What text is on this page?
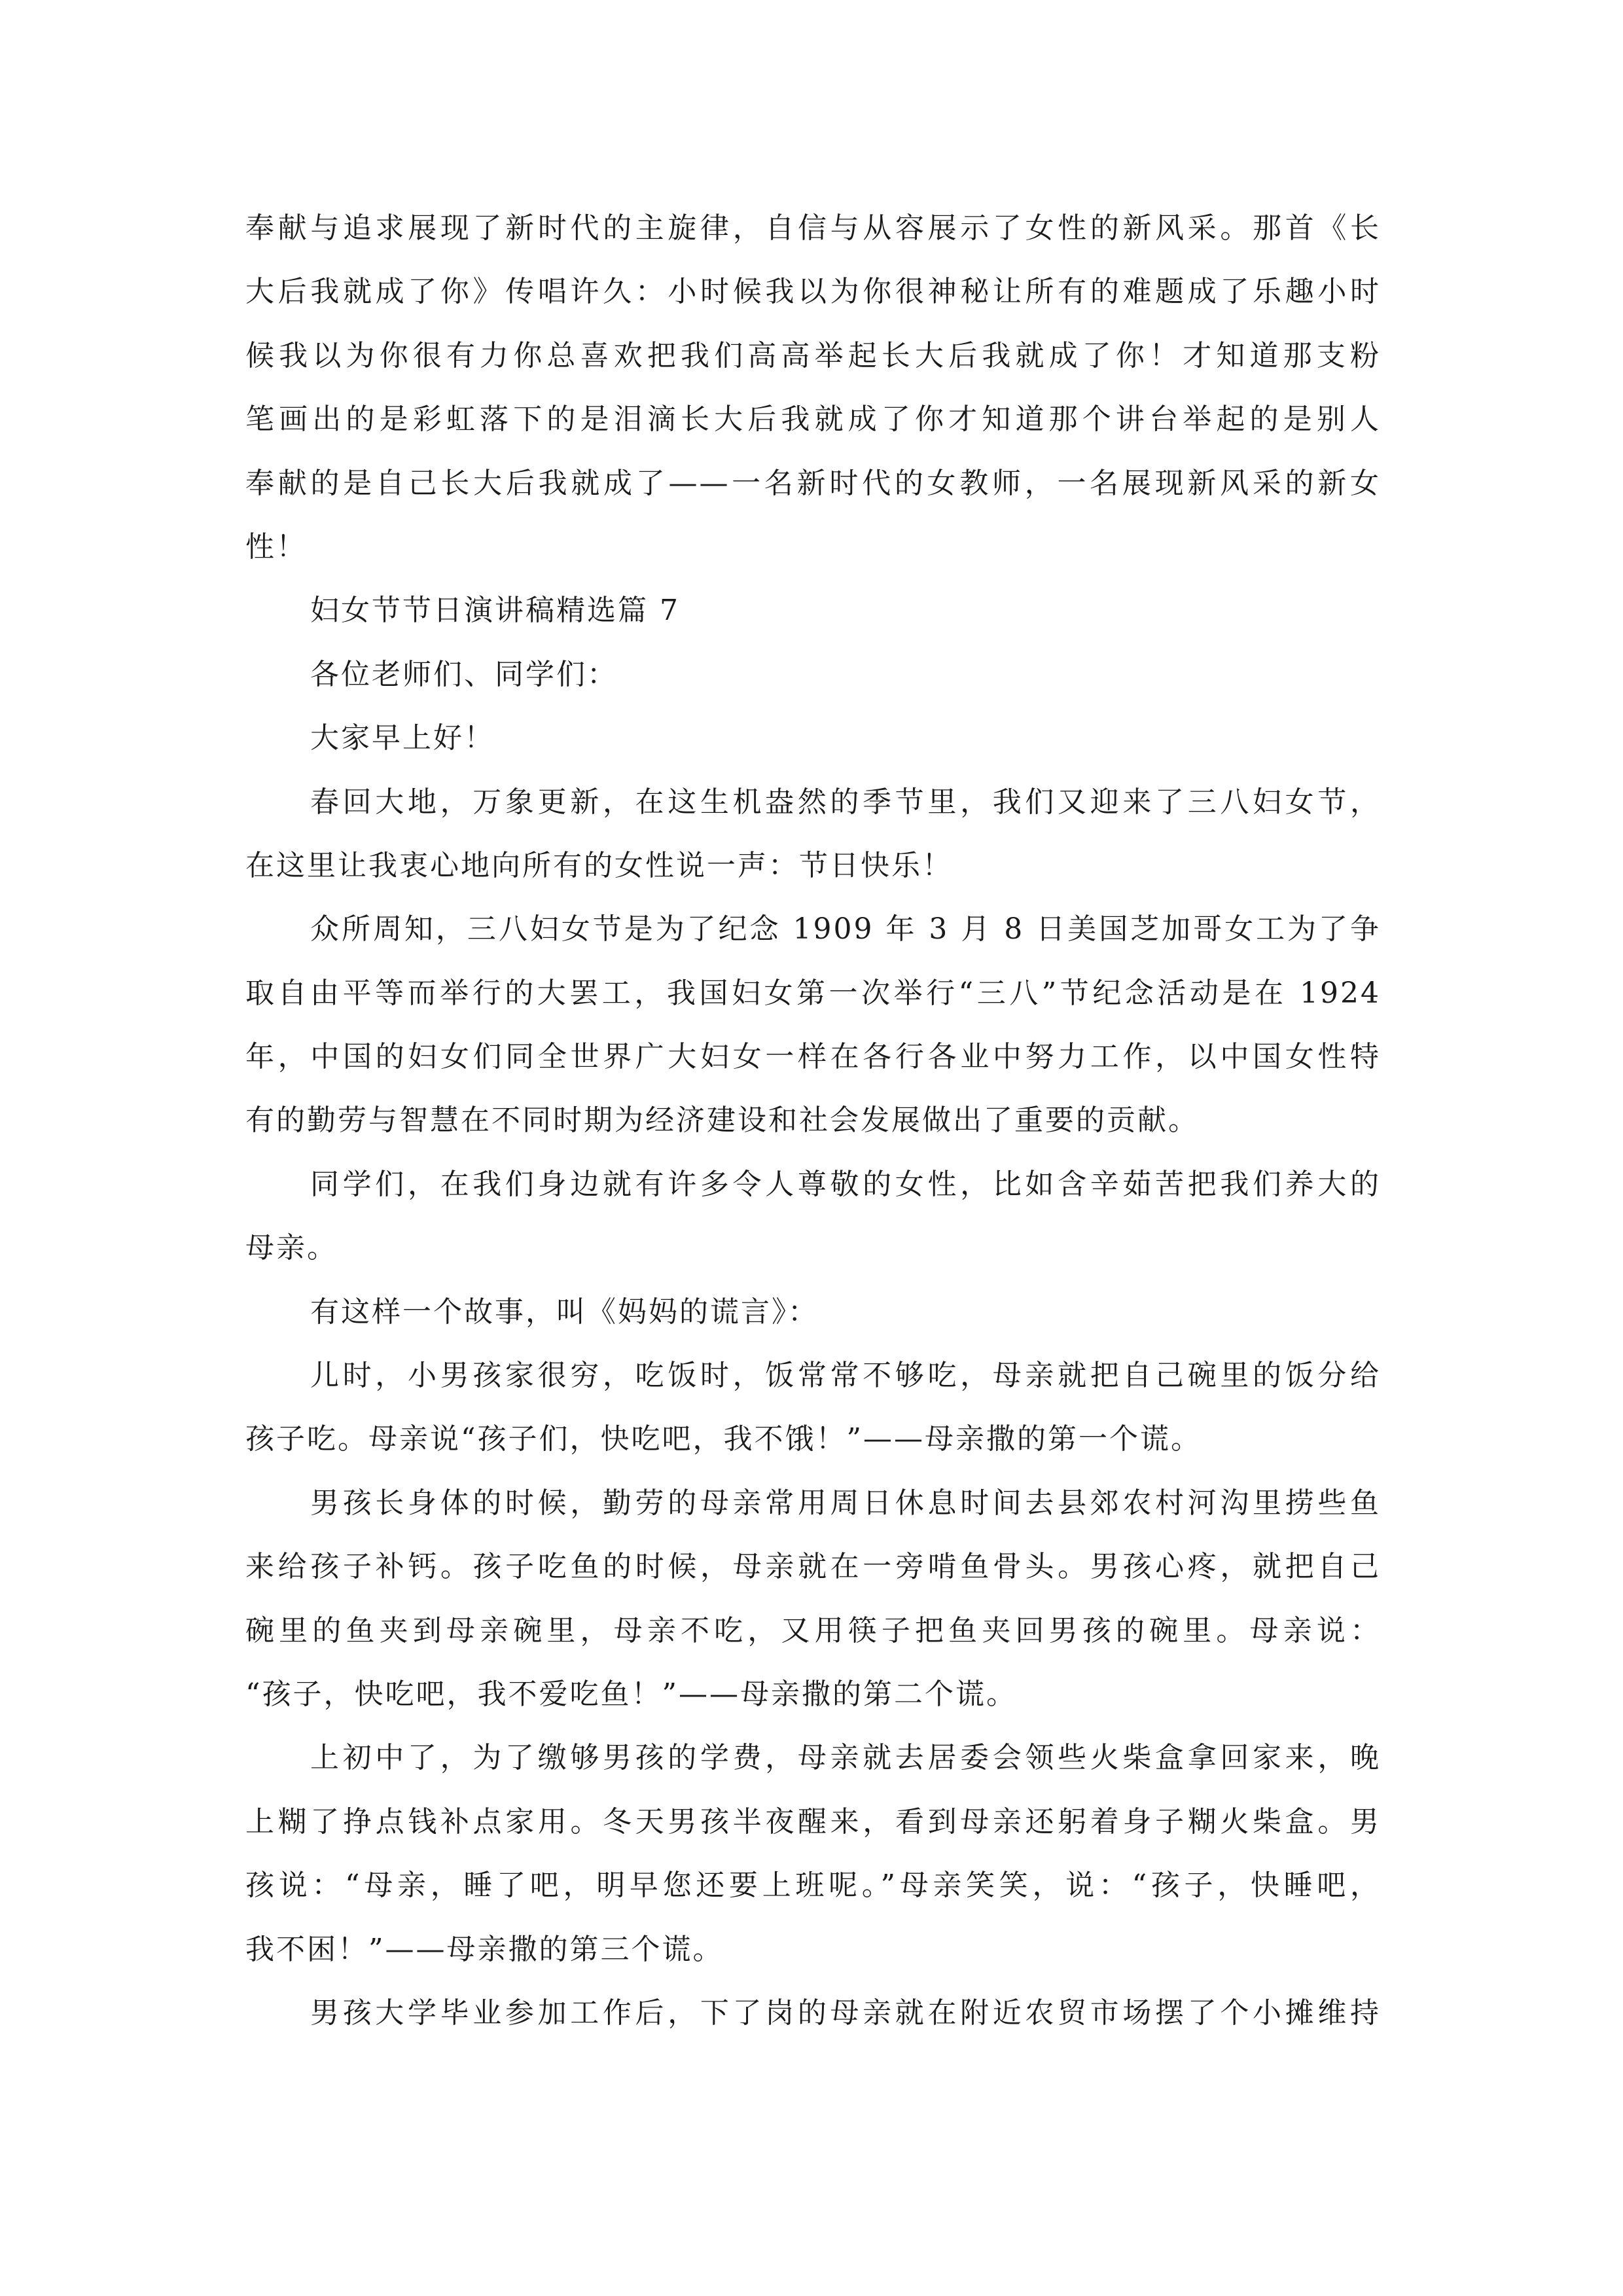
奉献与追求展现了新时代的主旋律，自信与从容展示了女性的新风采。那首《长
大后我就成了你》传唱许久：小时候我以为你很神秘让所有的难题成了乐趣小时
候我以为你很有力你总喜欢把我们高高举起长大后我就成了你！才知道那支粉
笔画出的是彩虹落下的是泪滴长大后我就成了你才知道那个讲台举起的是别人
奉献的是自己长大后我就成了——一名新时代的女教师，一名展现新风采的新女
性！
妇女节节日演讲稿精选篇 7
各位老师们、同学们：
大家早上好！
春回大地，万象更新，在这生机盎然的季节里，我们又迎来了三八妇女节，
在这里让我衷心地向所有的女性说一声：节日快乐！
众所周知，三八妇女节是为了纪念 1909 年 3 月 8 日美国芝加哥女工为了争
取自由平等而举行的大罢工，我国妇女第一次举行“三八”节纪念活动是在 1924
年，中国的妇女们同全世界广大妇女一样在各行各业中努力工作，以中国女性特
有的勤劳与智慧在不同时期为经济建设和社会发展做出了重要的贡献。
同学们，在我们身边就有许多令人尊敬的女性，比如含辛茹苦把我们养大的
母亲。
有这样一个故事，叫《妈妈的谎言》：
儿时，小男孩家很穷，吃饭时，饭常常不够吃，母亲就把自己碗里的饭分给
孩子吃。母亲说“孩子们，快吃吧，我不饿！”——母亲撒的第一个谎。
男孩长身体的时候，勤劳的母亲常用周日休息时间去县郊农村河沟里捞些鱼
来给孩子补钙。孩子吃鱼的时候，母亲就在一旁啃鱼骨头。男孩心疼，就把自己
碗里的鱼夹到母亲碗里，母亲不吃，又用筷子把鱼夹回男孩的碗里。母亲说：
“孩子，快吃吧，我不爱吃鱼！”——母亲撒的第二个谎。
上初中了，为了缴够男孩的学费，母亲就去居委会领些火柴盒拿回家来，晚
上糊了挣点钱补点家用。冬天男孩半夜醒来，看到母亲还躬着身子糊火柴盒。男
孩说：“母亲，睡了吧，明早您还要上班呢。”母亲笑笑，说：“孩子，快睡吧，
我不困！”——母亲撒的第三个谎。
男孩大学毕业参加工作后，下了岗的母亲就在附近农贸市场摆了个小摊维持
